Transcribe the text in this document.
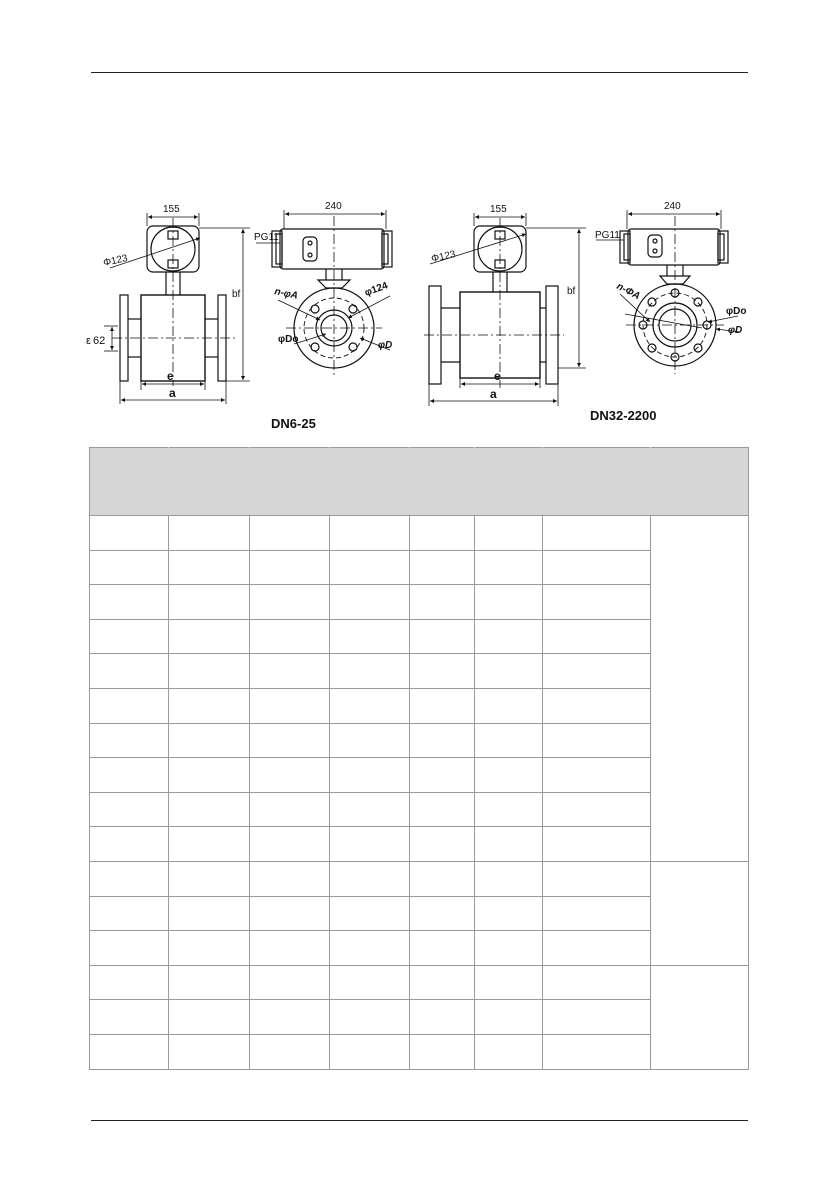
155
Φ123
bf
62
ε
e
a
240
PG11
n-φA	φ124
φDo
φD
155
Φ123
bf
e
a
240
PG11
n-ΦA
φDo
φD
DN6-25
DN32-2200
